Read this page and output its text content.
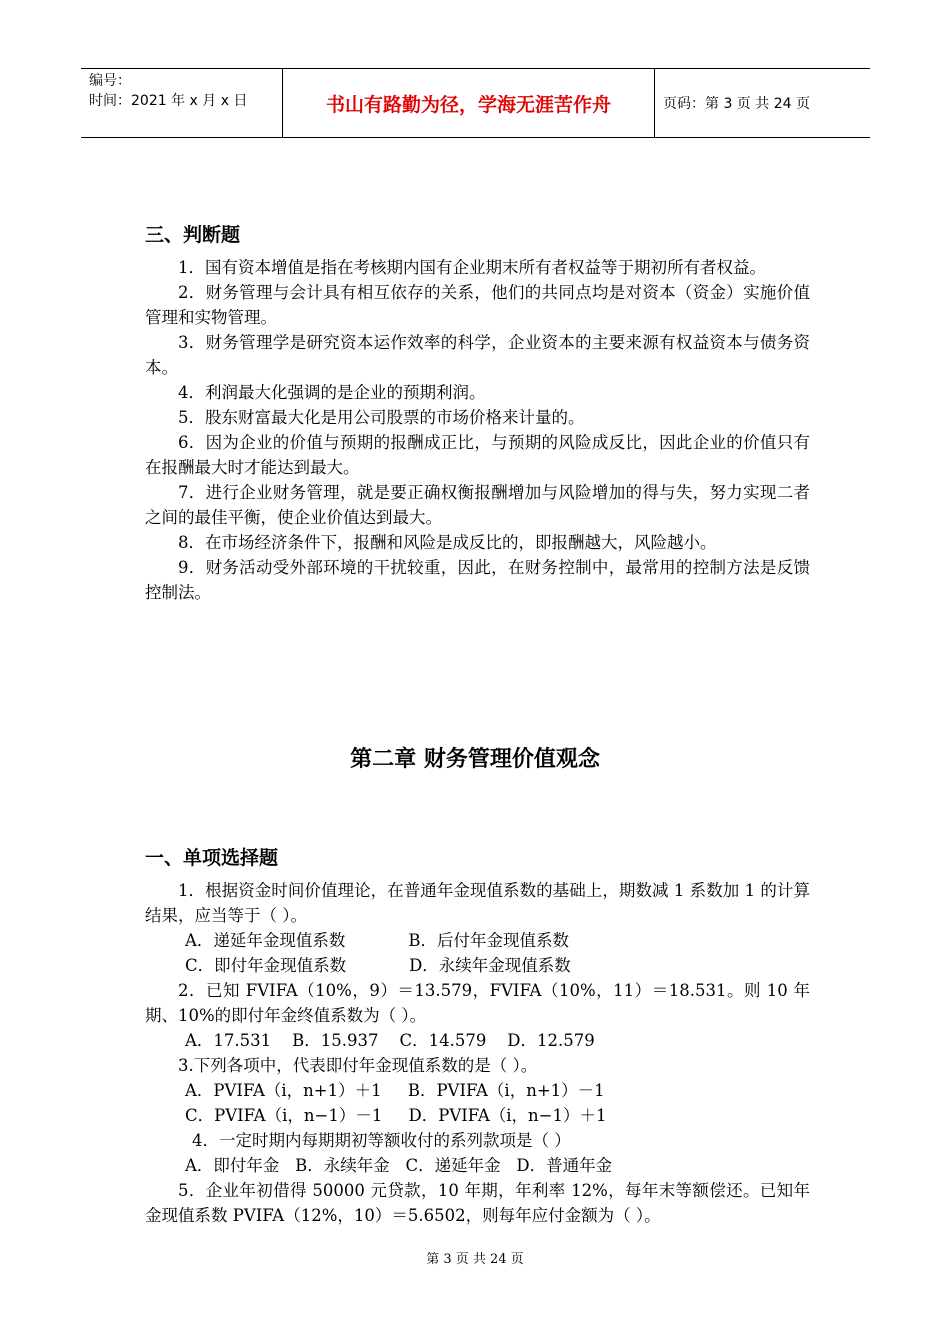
编号：
时间：2021 年 x 月 x 日	书山有路勤为径，学海无涯苦作舟	页码：第 3 页 共 24 页
三、判断题

1．国有资本增值是指在考核期内国有企业期末所有者权益等于期初所有者权益。

2．财务管理与会计具有相互依存的关系，他们的共同点均是对资本（资金）实施价值管理和实物管理。

3．财务管理学是研究资本运作效率的科学，企业资本的主要来源有权益资本与债务资本。

4．利润最大化强调的是企业的预期利润。

5．股东财富最大化是用公司股票的市场价格来计量的。

6．因为企业的价值与预期的报酬成正比，与预期的风险成反比，因此企业的价值只有在报酬最大时才能达到最大。

7．进行企业财务管理，就是要正确权衡报酬增加与风险增加的得与失，努力实现二者之间的最佳平衡，使企业价值达到最大。

8．在市场经济条件下，报酬和风险是成反比的，即报酬越大，风险越小。

9．财务活动受外部环境的干扰较重，因此，在财务控制中，最常用的控制方法是反馈控制法。

第二章 财务管理价值观念
一、单项选择题

1．根据资金时间价值理论，在普通年金现值系数的基础上，期数减 1 系数加 1 的计算结果，应当等于（ ）。

A．递延年金现值系数            B．后付年金现值系数

C．即付年金现值系数            D．永续年金现值系数

2．已知 FVIFA（10%，9）＝13.579，FVIFA（10%，11）＝18.531。则 10 年期、10%的即付年金终值系数为（ ）。

A．17.531    B．15.937    C．14.579    D．12.579

3.下列各项中，代表即付年金现值系数的是（ ）。

A．PVIFA（i，n+1）＋1     B．PVIFA（i，n+1）－1

C．PVIFA（i，n−1）－1     D．PVIFA（i，n−1）＋1

4．一定时期内每期期初等额收付的系列款项是（ ）

A．即付年金   B．永续年金   C．递延年金   D．普通年金

5．企业年初借得 50000 元贷款，10 年期，年利率 12%，每年末等额偿还。已知年金现值系数 PVIFA（12%，10）＝5.6502，则每年应付金额为（ ）。

第 3 页 共 24 页
